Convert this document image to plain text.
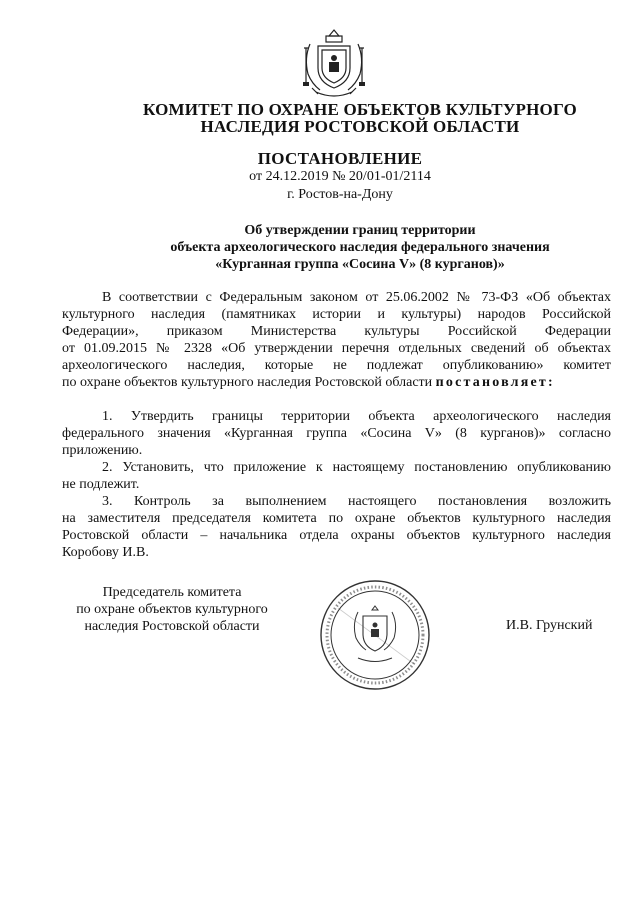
КОМИТЕТ ПО ОХРАНЕ ОБЪЕКТОВ КУЛЬТУРНОГО
НАСЛЕДИЯ РОСТОВСКОЙ ОБЛАСТИ
ПОСТАНОВЛЕНИЕ
от 24.12.2019 № 20/01-01/2114
г. Ростов-на-Дону
Об утверждении границ территории
объекта археологического наследия федерального значения
«Курганная группа «Сосина V» (8 курганов)»
В соответствии с Федеральным законом от 25.06.2002 № 73-ФЗ «Об объектах
культурного наследия (памятниках истории и культуры) народов Российской
Федерации», приказом Министерства культуры Российской Федерации
от 01.09.2015 № 2328 «Об утверждении перечня отдельных сведений об объектах
археологического наследия, которые не подлежат опубликованию» комитет
по охране объектов культурного наследия Ростовской области постановляет:
1. Утвердить границы территории объекта археологического наследия
федерального значения «Курганная группа «Сосина V» (8 курганов)» согласно
приложению.
2. Установить, что приложение к настоящему постановлению опубликованию
не подлежит.
3. Контроль за выполнением настоящего постановления возложить
на заместителя председателя комитета по охране объектов культурного наследия
Ростовской области – начальника отдела охраны объектов культурного наследия
Коробову И.В.
Председатель комитета
по охране объектов культурного
наследия Ростовской области	И.В. Грунский
